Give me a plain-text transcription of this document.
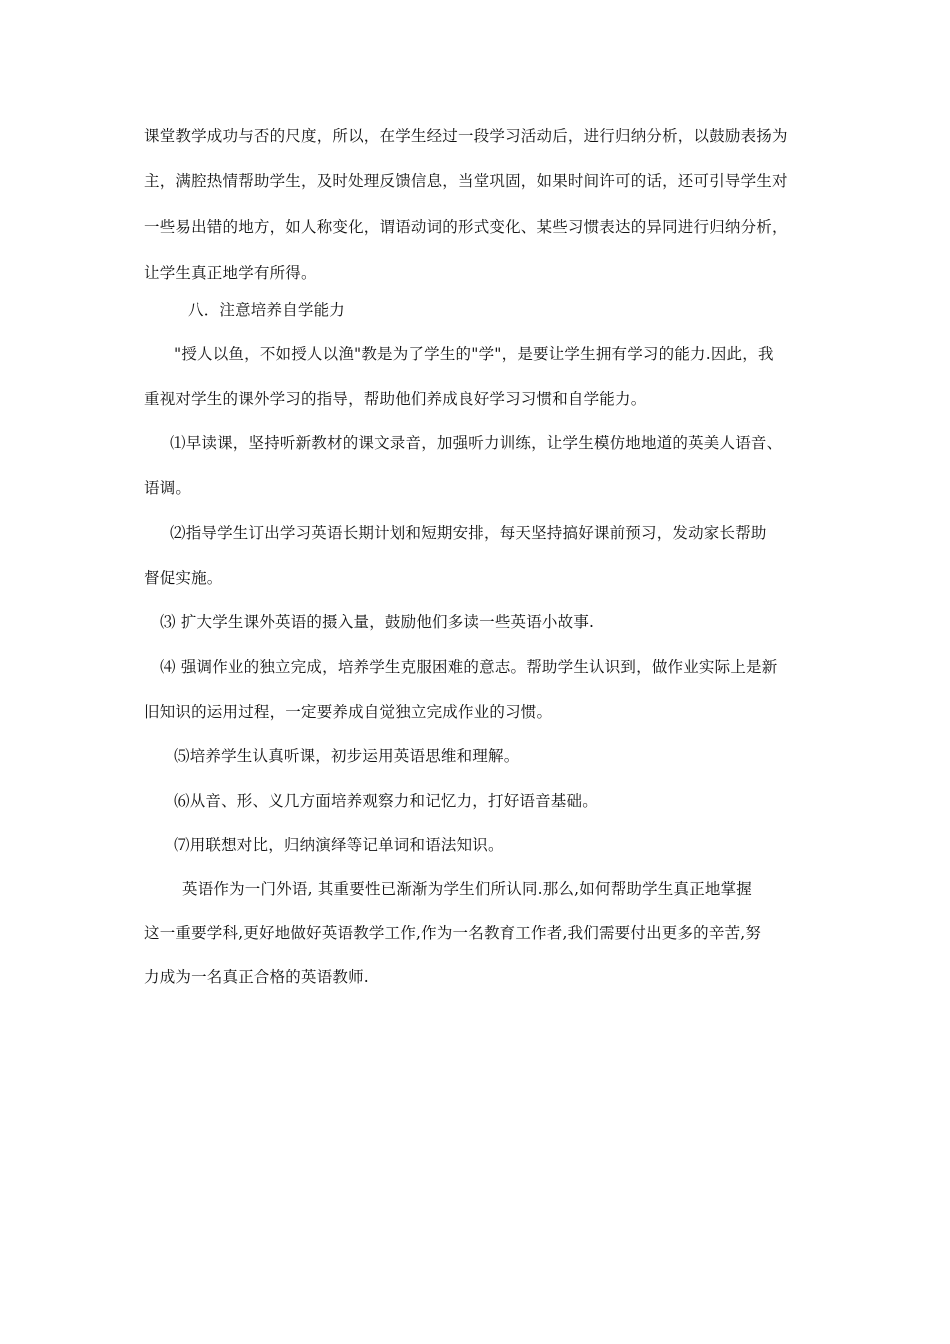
课堂教学成功与否的尺度，所以，在学生经过一段学习活动后，进行归纳分析，以鼓励表扬为
主，满腔热情帮助学生，及时处理反馈信息，当堂巩固，如果时间许可的话，还可引导学生对
一些易出错的地方，如人称变化，谓语动词的形式变化、某些习惯表达的异同进行归纳分析，
让学生真正地学有所得。
八．注意培养自学能力
"授人以鱼，不如授人以渔"教是为了学生的"学"，是要让学生拥有学习的能力.因此，我
重视对学生的课外学习的指导，帮助他们养成良好学习习惯和自学能力。
⑴早读课，坚持听新教材的课文录音，加强听力训练，让学生模仿地地道的英美人语音、
语调。
⑵指导学生订出学习英语长期计划和短期安排，每天坚持搞好课前预习，发动家长帮助
督促实施。
⑶ 扩大学生课外英语的摄入量，鼓励他们多读一些英语小故事.
⑷ 强调作业的独立完成，培养学生克服困难的意志。帮助学生认识到，做作业实际上是新
旧知识的运用过程，一定要养成自觉独立完成作业的习惯。
⑸培养学生认真听课，初步运用英语思维和理解。
⑹从音、形、义几方面培养观察力和记忆力，打好语音基础。
⑺用联想对比，归纳演绎等记单词和语法知识。
英语作为一门外语, 其重要性已渐渐为学生们所认同.那么,如何帮助学生真正地掌握
这一重要学科,更好地做好英语教学工作,作为一名教育工作者,我们需要付出更多的辛苦,努
力成为一名真正合格的英语教师.
